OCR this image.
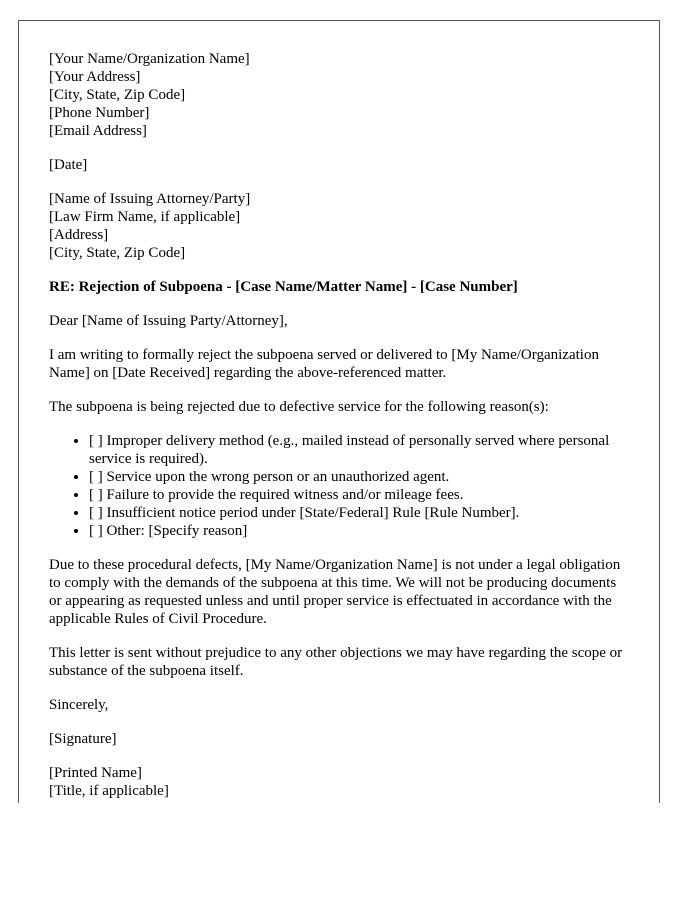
[Your Name/Organization Name]
[Your Address]
[City, State, Zip Code]
[Phone Number]
[Email Address]

[Date]

[Name of Issuing Attorney/Party]
[Law Firm Name, if applicable]
[Address]
[City, State, Zip Code]
RE: Rejection of Subpoena - [Case Name/Matter Name] - [Case Number]

Dear [Name of Issuing Party/Attorney],

I am writing to formally reject the subpoena served or delivered to [My Name/Organization Name] on [Date Received] regarding the above-referenced matter.

The subpoena is being rejected due to defective service for the following reason(s):

• [ ] Improper delivery method (e.g., mailed instead of personally served where personal service is required).
• [ ] Service upon the wrong person or an unauthorized agent.
• [ ] Failure to provide the required witness and/or mileage fees.
• [ ] Insufficient notice period under [State/Federal] Rule [Rule Number].
• [ ] Other: [Specify reason]

Due to these procedural defects, [My Name/Organization Name] is not under a legal obligation to comply with the demands of the subpoena at this time. We will not be producing documents or appearing as requested unless and until proper service is effectuated in accordance with the applicable Rules of Civil Procedure.

This letter is sent without prejudice to any other objections we may have regarding the scope or substance of the subpoena itself.

Sincerely,

[Signature]

[Printed Name]
[Title, if applicable]
